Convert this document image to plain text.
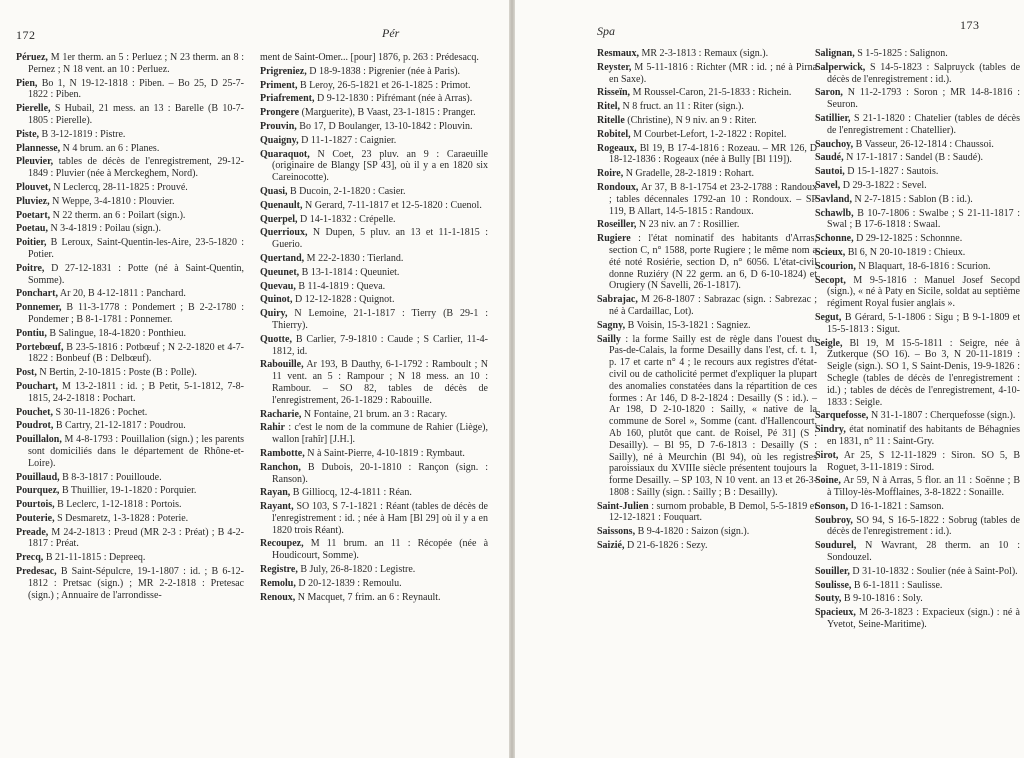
172	Pér

Péruez, M 1er therm. an 5 : Perluez ; N 23 therm. an 8 : Pernez ; N 18 vent. an 10 : Perluez.

Pien, Bo 1, N 19-12-1818 : Piben. – Bo 25, D 25-7-1822 : Piben.

Pierelle, S Hubail, 21 mess. an 13 : Barelle (B 10-7-1805 : Pierelle).

Piste, B 3-12-1819 : Pistre.

Plannesse, N 4 brum. an 6 : Planes.

Pleuvier, tables de décès de l'enregistrement, 29-12-1849 : Pluvier (née à Merckeghem, Nord).

Plouvet, N Leclercq, 28-11-1825 : Prouvé.

Pluviez, N Weppe, 3-4-1810 : Plouvier.

Poetart, N 22 therm. an 6 : Poilart (sign.).

Poetau, N 3-4-1819 : Poilau (sign.).

Poitier, B Leroux, Saint-Quentin-les-Aire, 23-5-1820 : Potier.

Poitre, D 27-12-1831 : Potte (né à Saint-Quentin, Somme).

Ponchart, Ar 20, B 4-12-1811 : Panchard.

Ponnemer, B 11-3-1778 : Pondemert ; B 2-2-1780 : Pondemer ; B 8-1-1781 : Ponnemer.

Pontiu, B Salingue, 18-4-1820 : Ponthieu.

Portebœuf, B 23-5-1816 : Potbœuf ; N 2-2-1820 et 4-7-1822 : Bonbeuf (B : Delbœuf).

Post, N Bertin, 2-10-1815 : Poste (B : Polle).

Pouchart, M 13-2-1811 : id. ; B Petit, 5-1-1812, 7-8-1815, 24-2-1818 : Pochart.

Pouchet, S 30-11-1826 : Pochet.

Poudrot, B Cartry, 21-12-1817 : Poudrou.

Pouillalon, M 4-8-1793 : Pouillalion (sign.) ; les parents sont domiciliés dans le département de Rhône-et-Loire).

Pouillaud, B 8-3-1817 : Pouilloude.

Pourquez, B Thuillier, 19-1-1820 : Porquier.

Pourtois, B Leclerc, 1-12-1818 : Portois.

Pouterie, S Desmaretz, 1-3-1828 : Poterie.

Preade, M 24-2-1813 : Preud (MR 2-3 : Préat) ; B 4-2-1817 : Préat.

Precq, B 21-11-1815 : Depreeq.

Predesac, B Saint-Sépulcre, 19-1-1807 : id. ; B 6-12-1812 : Pretsac (sign.) ; MR 2-2-1818 : Pretesac (sign.) ; Annuaire de l'arrondisse-

ment de Saint-Omer... [pour] 1876, p. 263 : Prédesacq.

Prigreniez, D 18-9-1838 : Pigrenier (née à Paris).

Priment, B Leroy, 26-5-1821 et 26-1-1825 : Primot.

Priafrement, D 9-12-1830 : Pifrémant (née à Arras).

Prongere (Marguerite), B Vaast, 23-1-1815 : Pranger.

Prouvin, Bo 17, D Boulanger, 13-10-1842 : Plouvin.

Quaigny, D 11-1-1827 : Caignier.

Quaraquot, N Coet, 23 pluv. an 9 : Caraeuille (originaire de Blangy [SP 43], où il y a en 1820 six Careinocotte).

Quasi, B Ducoin, 2-1-1820 : Casier.

Quenault, N Gerard, 7-11-1817 et 12-5-1820 : Cuenol.

Querpel, D 14-1-1832 : Crépelle.

Querrioux, N Dupen, 5 pluv. an 13 et 11-1-1815 : Guerio.

Quertand, M 22-2-1830 : Tierland.

Queunet, B 13-1-1814 : Queuniet.

Quevau, B 11-4-1819 : Queva.

Quinot, D 12-12-1828 : Quignot.

Quiry, N Lemoine, 21-1-1817 : Tierry (B 29-1 : Thierry).

Quotte, B Carlier, 7-9-1810 : Caude ; S Carlier, 11-4-1812, id.

Rabouille, Ar 193, B Dauthy, 6-1-1792 : Ramboult ; N 11 vent. an 5 : Rampour ; N 18 mess. an 10 : Rambour. – SO 82, tables de décès de l'enregistrement, 26-1-1829 : Rabouille.

Racharie, N Fontaine, 21 brum. an 3 : Racary.

Rahir : c'est le nom de la commune de Rahier (Liège), wallon [rahîr] [J.H.].

Rambotte, N à Saint-Pierre, 4-10-1819 : Rymbaut.

Ranchon, B Dubois, 20-1-1810 : Rançon (sign. : Ranson).

Rayan, B Gilliocq, 12-4-1811 : Réan.

Rayant, SO 103, S 7-1-1821 : Réant (tables de décès de l'enregistrement : id. ; née à Ham [Bl 29] où il y a en 1820 trois Réant).

Recoupez, M 11 brum. an 11 : Récopée (née à Houdicourt, Somme).

Registre, B July, 26-8-1820 : Legistre.

Remolu, D 20-12-1839 : Remoulu.

Renoux, N Macquet, 7 frim. an 6 : Reynault.

Spa	173

Resmaux, MR 2-3-1813 : Remaux (sign.).

Reyster, M 5-11-1816 : Richter (MR : id. ; né à Pirna en Saxe).

Risseïn, M Roussel-Caron, 21-5-1833 : Richein.

Ritel, N 8 fruct. an 11 : Riter (sign.).

Ritelle (Christine), N 9 niv. an 9 : Riter.

Robitel, M Courbet-Lefort, 1-2-1822 : Ropitel.

Rogeaux, Bl 19, B 17-4-1816 : Rozeau. – MR 126, D 18-12-1836 : Rogeaux (née à Bully [Bl 119]).

Roire, N Gradelle, 28-2-1819 : Rohart.

Rondoux, Ar 37, B 8-1-1754 et 23-2-1788 : Randoux ; tables décennales 1792-an 10 : Rondoux. – SP 119, B Allart, 14-5-1815 : Randoux.

Roseiller, N 23 niv. an 7 : Rosillier.

Rugiere : l'état nominatif des habitants d'Arras, section C, n° 1588, porte Rugiere ; le même nom a été noté Rosiérie, section D, n° 6056. L'état-civil donne Ruziéry (N 22 germ. an 6, D 6-10-1824) et Orugiery (N Savelli, 26-1-1817).

Sabrajac, M 26-8-1807 : Sabrazac (sign. : Sabrezac ; né à Cardaillac, Lot).

Sagny, B Voisin, 15-3-1821 : Sagniez.

Sailly : la forme Sailly est de règle dans l'ouest du Pas-de-Calais, la forme Desailly dans l'est, cf. t. 1, p. 17 et carte n° 4 ; le recours aux registres d'état-civil ou de catholicité permet d'expliquer la plupart des anomalies constatées dans la répartition de ces formes : Ar 146, D 8-2-1824 : Desailly (S : id.). – Ar 198, D 2-10-1820 : Sailly, « native de la commune de Sorel », Somme (cant. d'Hallencourt, Ab 160, plutôt que cant. de Roisel, Pé 31] (S : Desailly). – Bl 95, D 7-6-1813 : Desailly (S : Sailly), né à Meurchin (Bl 94), où les registres paroissiaux du XVIIIe siècle présentent toujours la forme Desailly. – SP 103, N 10 vent. an 13 et 26-3-1808 : Sailly (sign. : Sailly ; B : Desailly).

Saint-Julien : surnom probable, B Demol, 5-5-1819 et 12-12-1821 : Fouquart.

Saissons, B 9-4-1820 : Saizon (sign.).

Saizié, D 21-6-1826 : Sezy.

Salignan, S 1-5-1825 : Salignon.

Salperwick, S 14-5-1823 : Salpruyck (tables de décès de l'enregistrement : id.).

Saron, N 11-2-1793 : Soron ; MR 14-8-1816 : Seuron.

Satillier, S 21-1-1820 : Chatelier (tables de décès de l'enregistrement : Chatellier).

Sauchoy, B Vasseur, 26-12-1814 : Chaussoi.

Saudé, N 17-1-1817 : Sandel (B : Saudé).

Sautoi, D 15-1-1827 : Sautois.

Savel, D 29-3-1822 : Sevel.

Savland, N 2-7-1815 : Sablon (B : id.).

Schawlb, B 10-7-1806 : Swalbe ; S 21-11-1817 : Swal ; B 17-6-1818 : Swaal.

Schonne, D 29-12-1825 : Schonnne.

Scieux, Bl 6, N 20-10-1819 : Chieux.

Scourion, N Blaquart, 18-6-1816 : Scurion.

Secopt, M 9-5-1816 : Manuel Josef Secopd (sign.), « né à Paty en Sicile, soldat au septième régiment Royal fusier anglais ».

Segut, B Gérard, 5-1-1806 : Sigu ; B 9-1-1809 et 15-5-1813 : Sigut.

Seigle, Bl 19, M 15-5-1811 : Seigre, née à Zutkerque (SO 16). – Bo 3, N 20-11-1819 : Seigle (sign.). SO 1, S Saint-Denis, 19-9-1826 : Schegle (tables de décès de l'enregistrement : id.) ; tables de décès de l'enregistrement, 4-10-1833 : Seigle.

Sarquefosse, N 31-1-1807 : Cherquefosse (sign.).

Sindry, état nominatif des habitants de Béhagnies en 1831, n° 11 : Saint-Gry.

Sirot, Ar 25, S 12-11-1829 : Siron. SO 5, B Roguet, 3-11-1819 : Sirod.

Soine, Ar 59, N à Arras, 5 flor. an 11 : Soënne ; B à Tilloy-lès-Mofflaines, 3-8-1822 : Sonaille.

Sonson, D 16-1-1821 : Samson.

Soubroy, SO 94, S 16-5-1822 : Sobrug (tables de décès de l'enregistrement : id.).

Soudurel, N Wavrant, 28 therm. an 10 : Sondouzel.

Souiller, D 31-10-1832 : Soulier (née à Saint-Pol).

Soulisse, B 6-1-1811 : Saulisse.

Souty, B 9-10-1816 : Soly.

Spacieux, M 26-3-1823 : Expacieux (sign.) : né à Yvetot, Seine-Maritime).
